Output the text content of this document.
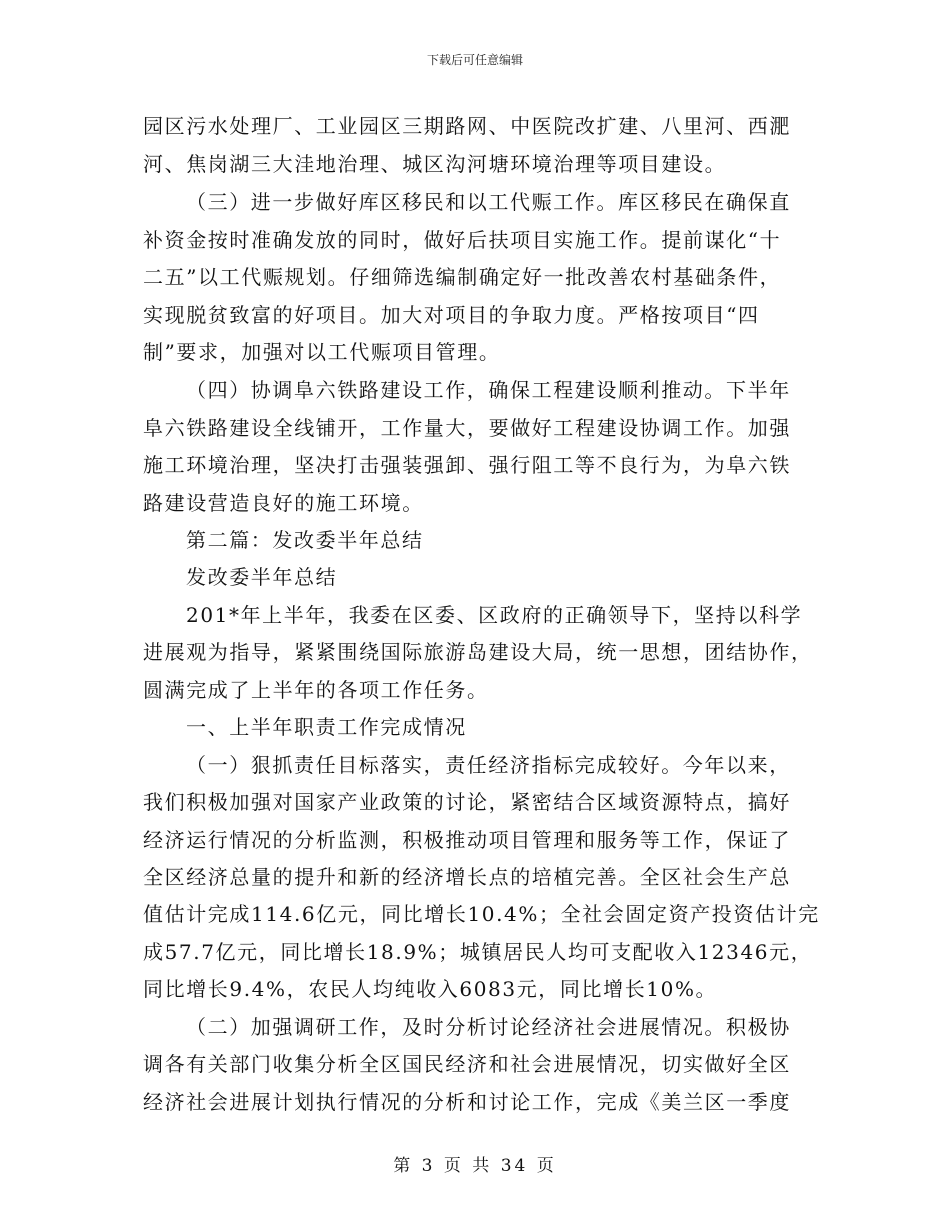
下载后可任意编辑
园区污水处理厂、工业园区三期路网、中医院改扩建、八里河、西淝
河、焦岗湖三大洼地治理、城区沟河塘环境治理等项目建设。
（三）进一步做好库区移民和以工代赈工作。库区移民在确保直
补资金按时准确发放的同时，做好后扶项目实施工作。提前谋化“十
二五”以工代赈规划。仔细筛选编制确定好一批改善农村基础条件，
实现脱贫致富的好项目。加大对项目的争取力度。严格按项目“四
制”要求，加强对以工代赈项目管理。
（四）协调阜六铁路建设工作，确保工程建设顺利推动。下半年
阜六铁路建设全线铺开，工作量大，要做好工程建设协调工作。加强
施工环境治理，坚决打击强装强卸、强行阻工等不良行为，为阜六铁
路建设营造良好的施工环境。
第二篇：发改委半年总结
发改委半年总结
201*年上半年，我委在区委、区政府的正确领导下，坚持以科学
进展观为指导，紧紧围绕国际旅游岛建设大局，统一思想，团结协作，
圆满完成了上半年的各项工作任务。
一、上半年职责工作完成情况
（一）狠抓责任目标落实，责任经济指标完成较好。今年以来，
我们积极加强对国家产业政策的讨论，紧密结合区域资源特点，搞好
经济运行情况的分析监测，积极推动项目管理和服务等工作，保证了
全区经济总量的提升和新的经济增长点的培植完善。全区社会生产总
值估计完成114.6亿元，同比增长10.4%；全社会固定资产投资估计完
成57.7亿元，同比增长18.9%；城镇居民人均可支配收入12346元，
同比增长9.4%，农民人均纯收入6083元，同比增长10%。
（二）加强调研工作，及时分析讨论经济社会进展情况。积极协
调各有关部门收集分析全区国民经济和社会进展情况，切实做好全区
经济社会进展计划执行情况的分析和讨论工作，完成《美兰区一季度
第 3 页 共 34 页
